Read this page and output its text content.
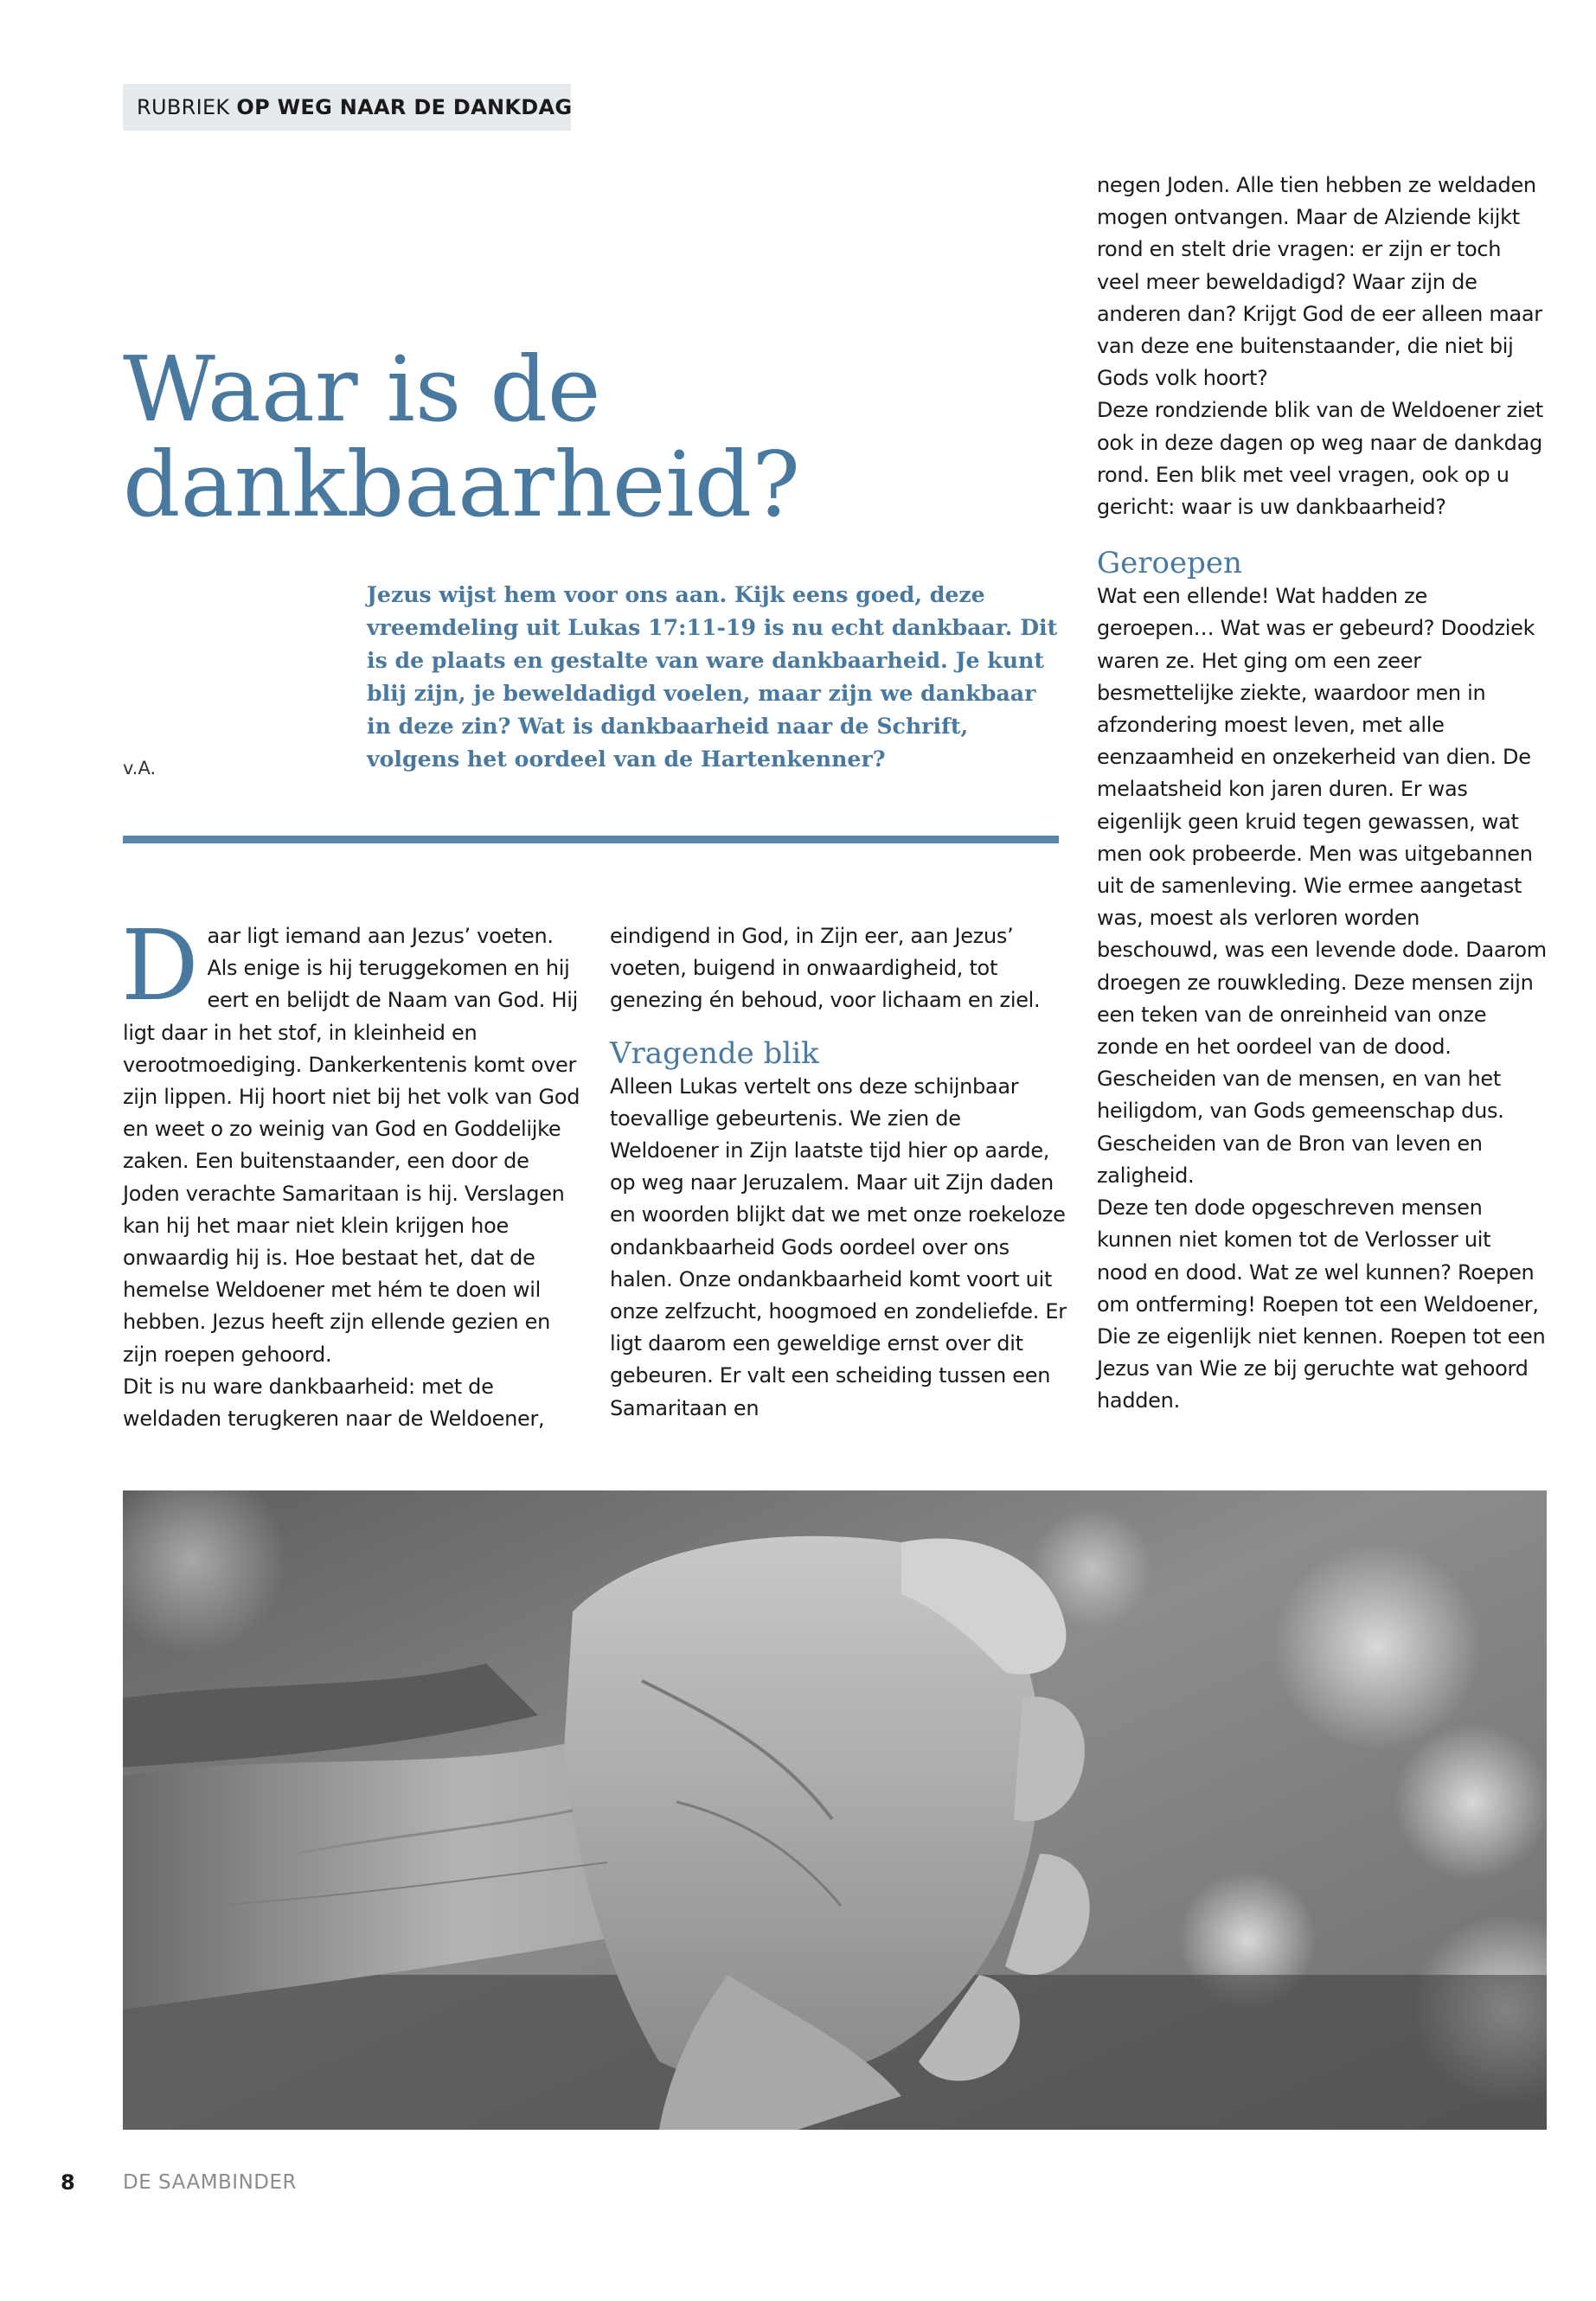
RUBRIEK OP WEG NAAR DE DANKDAG
Waar is de dankbaarheid?
v.A.

Jezus wijst hem voor ons aan. Kijk eens goed, deze vreemdeling uit Lukas 17:11-19 is nu echt dankbaar. Dit is de plaats en gestalte van ware dankbaarheid. Je kunt blij zijn, je beweldadigd voelen, maar zijn we dankbaar in deze zin? Wat is dankbaarheid naar de Schrift, volgens het oordeel van de Hartenkenner?

Daar ligt iemand aan Jezus’ voeten. Als enige is hij teruggekomen en hij eert en belijdt de Naam van God. Hij ligt daar in het stof, in kleinheid en verootmoediging. Dankerkentenis komt over zijn lippen. Hij hoort niet bij het volk van God en weet o zo weinig van God en Goddelijke zaken. Een buitenstaander, een door de Joden verachte Samaritaan is hij. Verslagen kan hij het maar niet klein krijgen hoe onwaardig hij is. Hoe bestaat het, dat de hemelse Weldoener met hém te doen wil hebben. Jezus heeft zijn ellende gezien en zijn roepen gehoord.

Dit is nu ware dankbaarheid: met de weldaden terugkeren naar de Weldoener,

eindigend in God, in Zijn eer, aan Jezus’ voeten, buigend in onwaardigheid, tot genezing én behoud, voor lichaam en ziel.

Vragende blik

Alleen Lukas vertelt ons deze schijnbaar toevallige gebeurtenis. We zien de Weldoener in Zijn laatste tijd hier op aarde, op weg naar Jeruzalem. Maar uit Zijn daden en woorden blijkt dat we met onze roekeloze ondankbaarheid Gods oordeel over ons halen. Onze ondankbaarheid komt voort uit onze zelfzucht, hoogmoed en zondeliefde. Er ligt daarom een geweldige ernst over dit gebeuren. Er valt een scheiding tussen een Samaritaan en

negen Joden. Alle tien hebben ze weldaden mogen ontvangen. Maar de Alziende kijkt rond en stelt drie vragen: er zijn er toch veel meer beweldadigd? Waar zijn de anderen dan? Krijgt God de eer alleen maar van deze ene buitenstaander, die niet bij Gods volk hoort?

Deze rondziende blik van de Weldoener ziet ook in deze dagen op weg naar de dankdag rond. Een blik met veel vragen, ook op u gericht: waar is uw dankbaarheid?

Geroepen

Wat een ellende! Wat hadden ze geroepen… Wat was er gebeurd? Doodziek waren ze. Het ging om een zeer besmettelijke ziekte, waardoor men in afzondering moest leven, met alle eenzaamheid en onzekerheid van dien. De melaatsheid kon jaren duren. Er was eigenlijk geen kruid tegen gewassen, wat men ook probeerde. Men was uitgebannen uit de samenleving. Wie ermee aangetast was, moest als verloren worden beschouwd, was een levende dode. Daarom droegen ze rouwkleding. Deze mensen zijn een teken van de onreinheid van onze zonde en het oordeel van de dood. Gescheiden van de mensen, en van het heiligdom, van Gods gemeenschap dus. Gescheiden van de Bron van leven en zaligheid.

Deze ten dode opgeschreven mensen kunnen niet komen tot de Verlosser uit nood en dood. Wat ze wel kunnen? Roepen om ontferming! Roepen tot een Weldoener, Die ze eigenlijk niet kennen. Roepen tot een Jezus van Wie ze bij geruchte wat gehoord hadden.

8 DE SAAMBINDER
